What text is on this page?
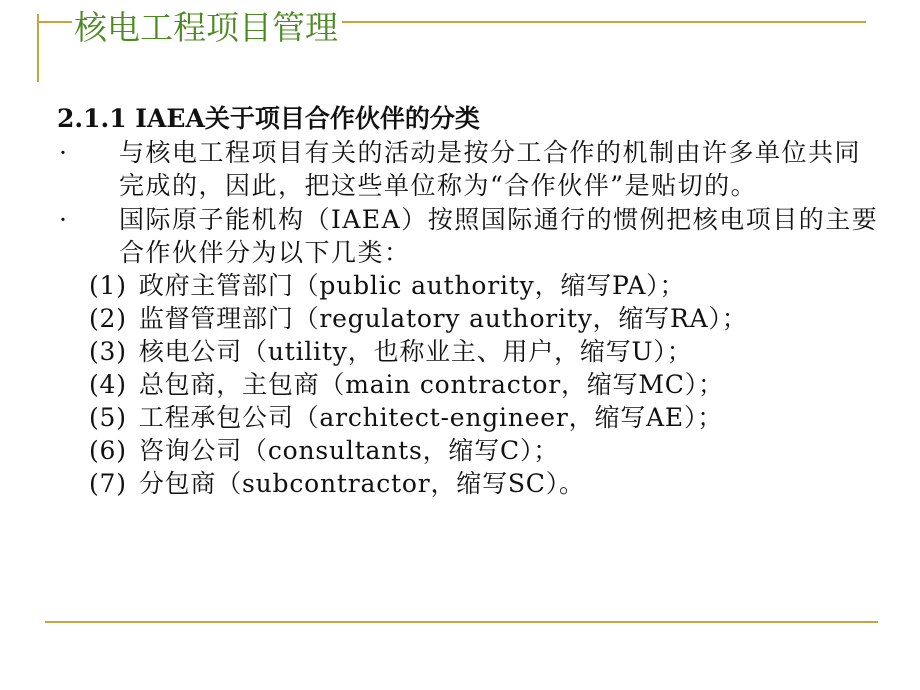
核电工程项目管理

2.1.1 IAEA关于项目合作伙伴的分类

· 与核电工程项目有关的活动是按分工合作的机制由许多单位共同完成的，因此，把这些单位称为“合作伙伴”是贴切的。
· 国际原子能机构（IAEA）按照国际通行的惯例把核电项目的主要合作伙伴分为以下几类：
(1) 政府主管部门（public authority，缩写PA）；
(2) 监督管理部门（regulatory authority，缩写RA）；
(3) 核电公司（utility，也称业主、用户，缩写U）；
(4) 总包商，主包商（main contractor，缩写MC）；
(5) 工程承包公司（architect-engineer，缩写AE）；
(6) 咨询公司（consultants，缩写C）；
(7) 分包商（subcontractor，缩写SC）。
